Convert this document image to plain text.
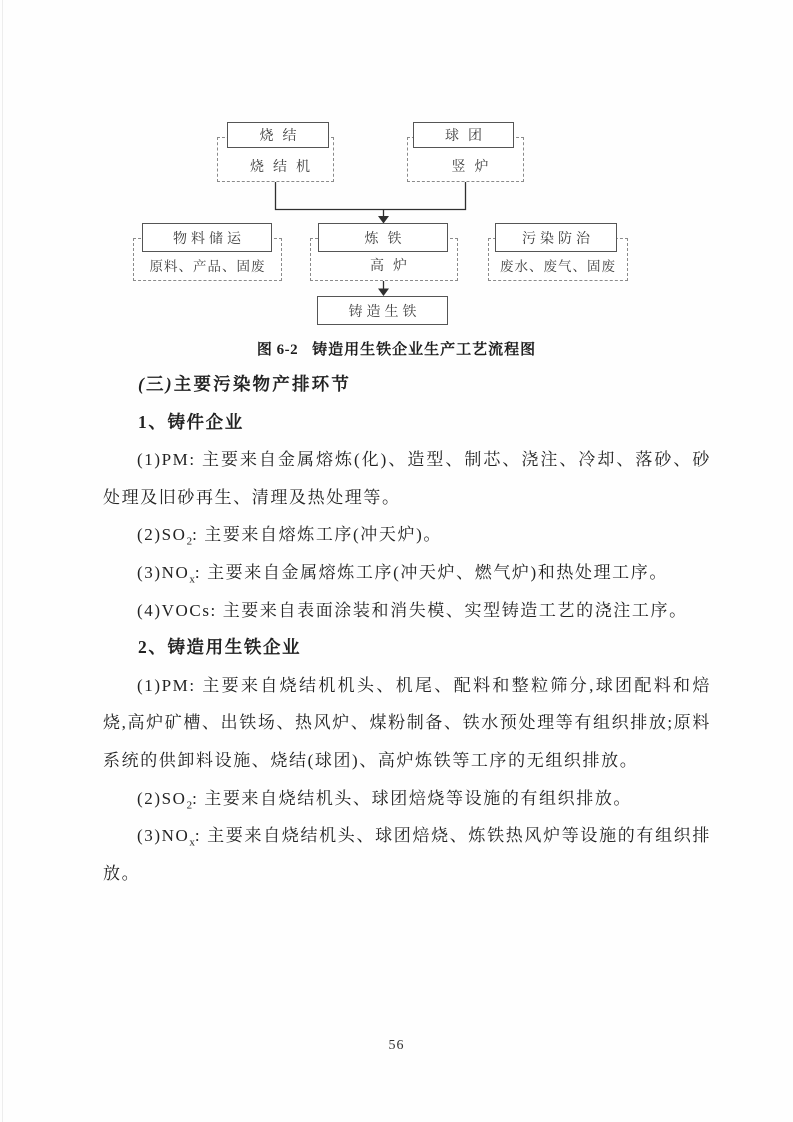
烧结机
烧结
竖炉
球团
原料、产品、固废
物料储运
高炉
炼铁
废水、废气、固废
污染防治
铸造生铁
图 6-2 铸造用生铁企业生产工艺流程图

(三)主要污染物产排环节

1、铸件企业

(1)PM: 主要来自金属熔炼(化)、造型、制芯、浇注、冷却、落砂、砂处理及旧砂再生、清理及热处理等。

$(2)SO_2$: 主要来自熔炼工序(冲天炉)。

$(3)NO_x$: 主要来自金属熔炼工序(冲天炉、燃气炉)和热处理工序。

(4)VOCs: 主要来自表面涂装和消失模、实型铸造工艺的浇注工序。

2、铸造用生铁企业

(1)PM: 主要来自烧结机机头、机尾、配料和整粒筛分,球团配料和焙烧,高炉矿槽、出铁场、热风炉、煤粉制备、铁水预处理等有组织排放;原料系统的供卸料设施、烧结(球团)、高炉炼铁等工序的无组织排放。

$(2)SO_2$: 主要来自烧结机头、球团焙烧等设施的有组织排放。

$(3)NO_x$: 主要来自烧结机头、球团焙烧、炼铁热风炉等设施的有组织排放。

56
